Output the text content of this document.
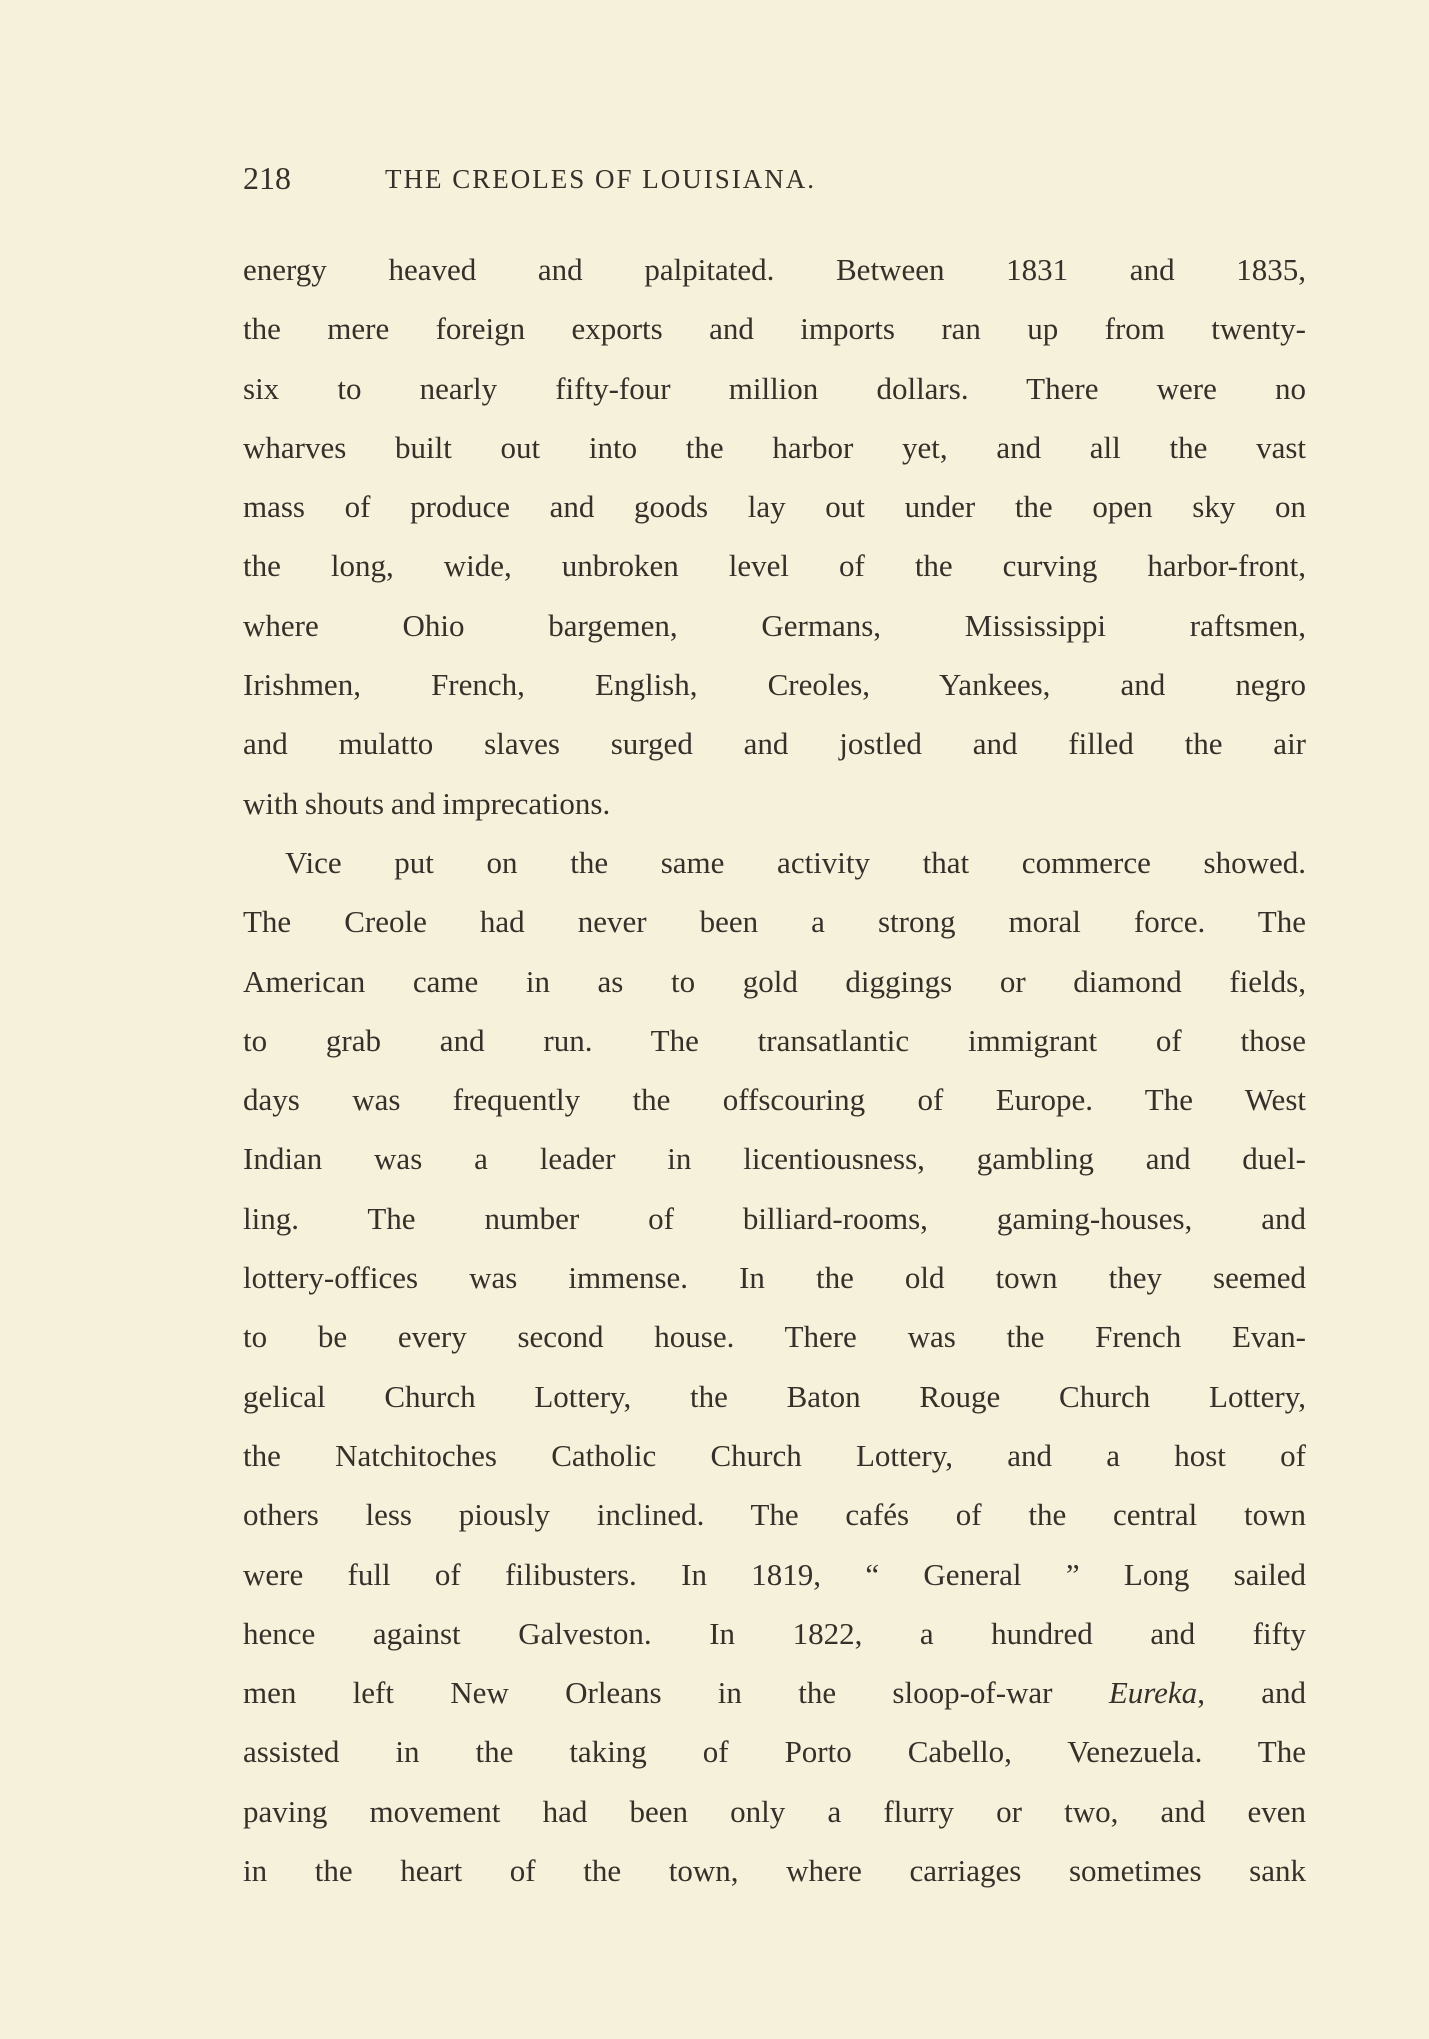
218	THE CREOLES OF LOUISIANA.
energy heaved and palpitated. Between 1831 and 1835,
the mere foreign exports and imports ran up from twenty-
six to nearly fifty-four million dollars. There were no
wharves built out into the harbor yet, and all the vast
mass of produce and goods lay out under the open sky on
the long, wide, unbroken level of the curving harbor-front,
where Ohio bargemen, Germans, Mississippi raftsmen,
Irishmen, French, English, Creoles, Yankees, and negro
and mulatto slaves surged and jostled and filled the air
with shouts and imprecations.
Vice put on the same activity that commerce showed.
The Creole had never been a strong moral force. The
American came in as to gold diggings or diamond fields,
to grab and run. The transatlantic immigrant of those
days was frequently the offscouring of Europe. The West
Indian was a leader in licentiousness, gambling and duel-
ling. The number of billiard-rooms, gaming-houses, and
lottery-offices was immense. In the old town they seemed
to be every second house. There was the French Evan-
gelical Church Lottery, the Baton Rouge Church Lottery,
the Natchitoches Catholic Church Lottery, and a host of
others less piously inclined. The cafés of the central town
were full of filibusters. In 1819, “ General ” Long sailed
hence against Galveston. In 1822, a hundred and fifty
men left New Orleans in the sloop-of-war Eureka, and
assisted in the taking of Porto Cabello, Venezuela. The
paving movement had been only a flurry or two, and even
in the heart of the town, where carriages sometimes sank
